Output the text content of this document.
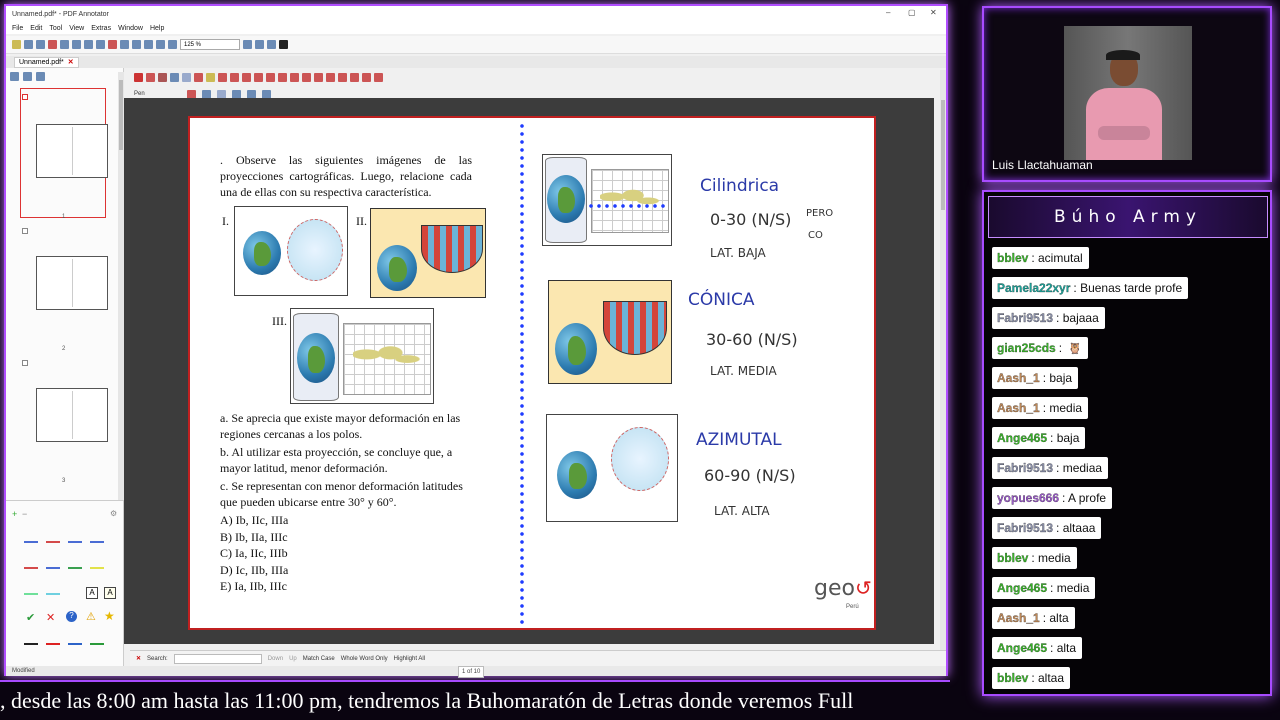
Unnamed.pdf* - PDF Annotator	– ▢ ✕
File Edit Tool View Extras Window Help
125 %
Unnamed.pdf* ✕
1
2
3
+ −	⚙
A	A
✔ ✕	? ⚠ ★
Pen
✕ Search:	Down Up Match Case Whole Word Only Highlight All
Modified	1 of 10
. Observe las siguientes imágenes de las proyecciones cartográficas. Luego, relacione cada una de ellas con su respectiva característica.
I.	II.
III.
a. Se aprecia que existe mayor deformación en las regiones cercanas a los polos.
b. Al utilizar esta proyección, se concluye que, a mayor latitud, menor deformación.
c. Se representan con menor deformación latitudes que pueden ubicarse entre 30° y 60°.
A) Ib, IIc, IIIa
B) Ib, IIa, IIIc
C) Ia, IIc, IIIb
D) Ic, IIb, IIIa
E) Ia, IIb, IIIc
Cilindrica
0-30 (N/S) PERO
CO
LAT. BAJA
CÓNICA
30-60 (N/S)
LAT. MEDIA
AZIMUTAL
60-90 (N/S)
LAT. ALTA
geo↺
Perú
Luis Llactahuaman
Búho Army
bblev : acimutal
Pamela22xyr : Buenas tarde profe
Fabri9513 : bajaaa
gian25cds : 🦉
Aash_1 : baja
Aash_1 : media
Ange465 : baja
Fabri9513 : mediaa
yopues666 : A profe
Fabri9513 : altaaa
bblev : media
Ange465 : media
Aash_1 : alta
Ange465 : alta
bblev : altaa
, desde las 8:00 am hasta las 11:00 pm, tendremos la Buhomaratón de Letras donde veremos Full
